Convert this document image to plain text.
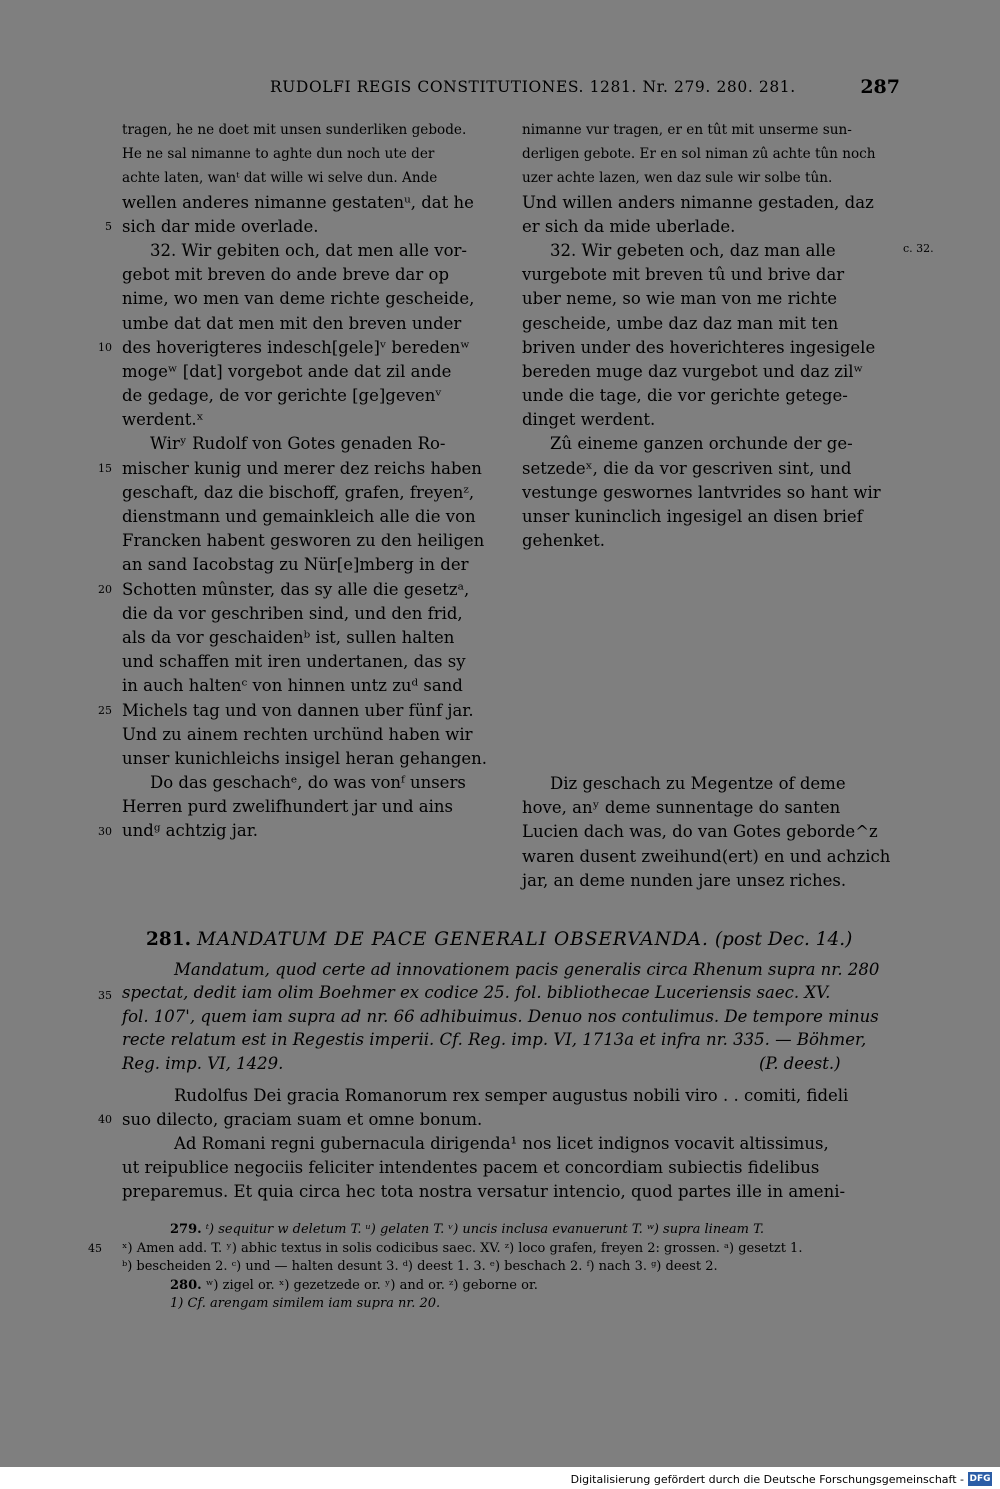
RUDOLFI REGIS CONSTITUTIONES. 1281. Nr. 279. 280. 281.	287
tragen, he ne doet mit unsen sunderliken gebode.
He ne sal nimanne to aghte dun noch ute der
achte laten, wanᵗ dat wille wi selve dun. Ande
wellen anderes nimanne gestatenᵘ, dat he
sich dar mide overlade.
32. Wir gebiten och, dat men alle vor-
gebot mit breven do ande breve dar op
nime, wo men van deme richte gescheide,
umbe dat dat men mit den breven under
des hoverigteres indesch[gele]ᵛ beredenʷ
mogeʷ [dat] vorgebot ande dat zil ande
de gedage, de vor gerichte [ge]gevenᵛ
werdent.ˣ
Wirʸ Rudolf von Gotes genaden Ro-
mischer kunig und merer dez reichs haben
geschaft, daz die bischoff, grafen, freyenᶻ,
dienstmann und gemainkleich alle die von
Francken habent gesworen zu den heiligen
an sand Iacobstag zu Nür[e]mberg in der
Schotten mûnster, das sy alle die gesetzᵃ,
die da vor geschriben sind, und den frid,
als da vor geschaidenᵇ ist, sullen halten
und schaffen mit iren undertanen, das sy
in auch haltenᶜ von hinnen untz zuᵈ sand
Michels tag und von dannen uber fünf jar.
Und zu ainem rechten urchünd haben wir
unser kunichleichs insigel heran gehangen.
Do das geschachᵉ, do was vonᶠ unsers
Herren purd zwelifhundert jar und ains
undᵍ achtzig jar.
5
10
15
20
25
30
nimanne vur tragen, er en tût mit unserme sun-
derligen gebote. Er en sol niman zû achte tûn noch
uzer achte lazen, wen daz sule wir solbe tûn.
Und willen anders nimanne gestaden, daz
er sich da mide uberlade.
32. Wir gebeten och, daz man alle
vurgebote mit breven tû und brive dar
uber neme, so wie man von me richte
gescheide, umbe daz daz man mit ten
briven under des hoverichteres ingesigele
bereden muge daz vurgebot und daz zilʷ
unde die tage, die vor gerichte getege-
dinget werdent.
Zû eineme ganzen orchunde der ge-
setzedeˣ, die da vor gescriven sint, und
vestunge geswornes lantvrides so hant wir
unser kuninclich ingesigel an disen brief
gehenket.
Diz geschach zu Megentze of deme
hove, anʸ deme sunnentage do santen
Lucien dach was, do van Gotes geborde^z
waren dusent zweihund(ert) en und achzich
jar, an deme nunden jare unsez riches.
c. 32.
281. MANDATUM DE PACE GENERALI OBSERVANDA. (post Dec. 14.)
Mandatum, quod certe ad innovationem pacis generalis circa Rhenum supra nr. 280
spectat, dedit iam olim Boehmer ex codice 25. fol. bibliothecae Luceriensis saec. XV.
fol. 107', quem iam supra ad nr. 66 adhibuimus. Denuo nos contulimus. De tempore minus
recte relatum est in Regestis imperii. Cf. Reg. imp. VI, 1713a et infra nr. 335. — Böhmer,
Reg. imp. VI, 1429.	(P. deest.)
35
Rudolfus Dei gracia Romanorum rex semper augustus nobili viro . . comiti, fideli
suo dilecto, graciam suam et omne bonum.
Ad Romani regni gubernacula dirigenda¹ nos licet indignos vocavit altissimus,
ut reipublice negociis feliciter intendentes pacem et concordiam subiectis fidelibus
preparemus. Et quia circa hec tota nostra versatur intencio, quod partes ille in ameni-
40
279. ᵗ) sequitur w deletum T. ᵘ) gelaten T. ᵛ) uncis inclusa evanuerunt T. ʷ) supra lineam T.
45 ˣ) Amen add. T. ʸ) abhic textus in solis codicibus saec. XV. ᶻ) loco grafen, freyen 2: grossen. ᵃ) gesetzt 1.
ᵇ) bescheiden 2. ᶜ) und — halten desunt 3. ᵈ) deest 1. 3. ᵉ) beschach 2. ᶠ) nach 3. ᵍ) deest 2.
280. ʷ) zigel or. ˣ) gezetzede or. ʸ) and or. ᶻ) geborne or.
1) Cf. arengam similem iam supra nr. 20.
Digitalisierung gefördert durch die Deutsche Forschungsgemeinschaft - DFG
